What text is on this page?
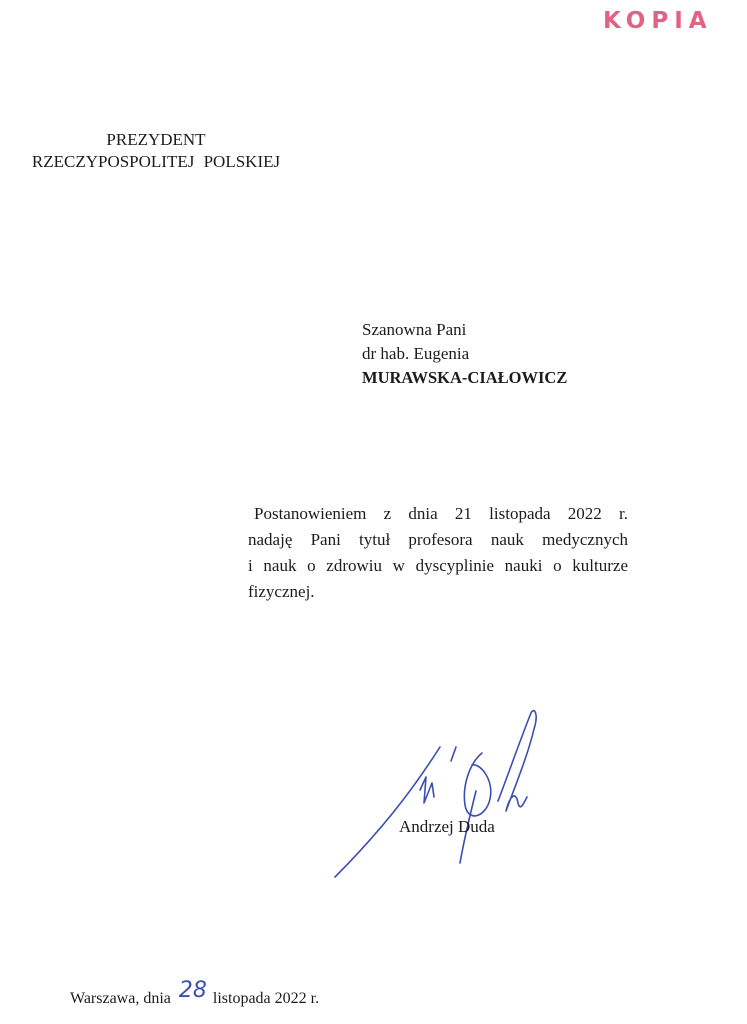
KOPIA
PREZYDENT
RZECZYPOSPOLITEJ POLSKIEJ
Szanowna Pani
dr hab. Eugenia
MURAWSKA-CIAŁOWICZ

Postanowieniem z dnia 21 listopada 2022 r.

nadaję Pani tytuł profesora nauk medycznych

i nauk o zdrowiu w dyscyplinie nauki o kulturze

fizycznej.

Andrzej Duda
Warszawa, dnia 28 listopada 2022 r.
